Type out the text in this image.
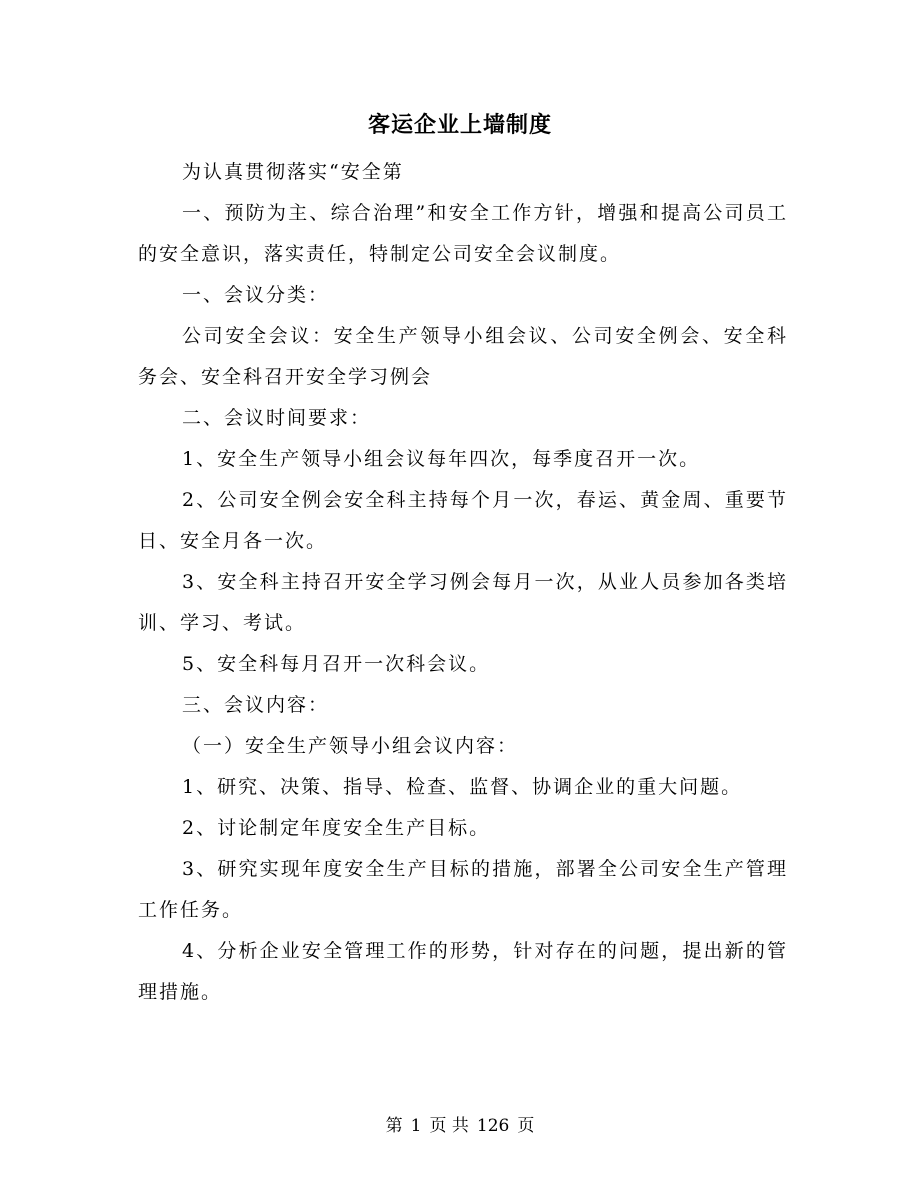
客运企业上墙制度

为认真贯彻落实“安全第

一、预防为主、综合治理”和安全工作方针，增强和提高公司员工的安全意识，落实责任，特制定公司安全会议制度。

一、会议分类：

公司安全会议：安全生产领导小组会议、公司安全例会、安全科务会、安全科召开安全学习例会

二、会议时间要求：

1、安全生产领导小组会议每年四次，每季度召开一次。

2、公司安全例会安全科主持每个月一次，春运、黄金周、重要节日、安全月各一次。

3、安全科主持召开安全学习例会每月一次，从业人员参加各类培训、学习、考试。

5、安全科每月召开一次科会议。

三、会议内容：

（一）安全生产领导小组会议内容：

1、研究、决策、指导、检查、监督、协调企业的重大问题。

2、讨论制定年度安全生产目标。

3、研究实现年度安全生产目标的措施，部署全公司安全生产管理工作任务。

4、分析企业安全管理工作的形势，针对存在的问题，提出新的管理措施。

第 1 页 共 126 页
